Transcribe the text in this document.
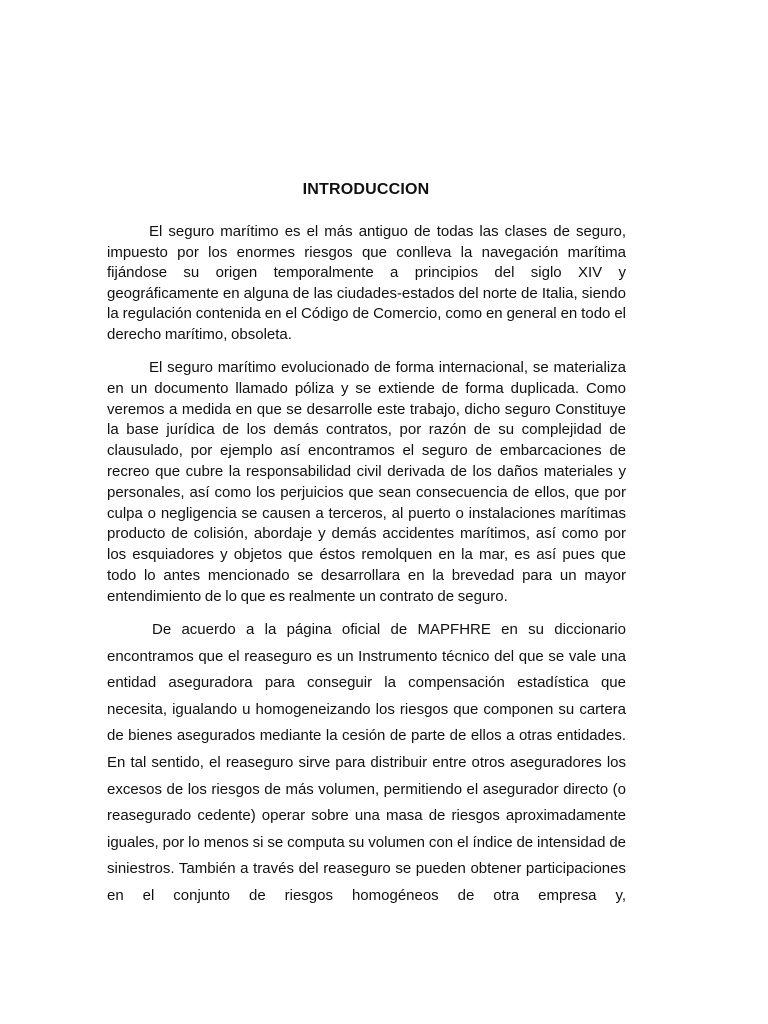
INTRODUCCION

El seguro marítimo es el más antiguo de todas las clases de seguro, impuesto por los enormes riesgos que conlleva la navegación marítima fijándose su origen temporalmente a principios del siglo XIV y geográficamente en alguna de las ciudades-estados del norte de Italia, siendo la regulación contenida en el Código de Comercio, como en general en todo el derecho marítimo, obsoleta.

El seguro marítimo evolucionado de forma internacional, se materializa en un documento llamado póliza y se extiende de forma duplicada. Como veremos a medida en que se desarrolle este trabajo, dicho seguro Constituye la base jurídica de los demás contratos, por razón de su complejidad de clausulado, por ejemplo así encontramos el seguro de embarcaciones de recreo que cubre la responsabilidad civil derivada de los daños materiales y personales, así como los perjuicios que sean consecuencia de ellos, que por culpa o negligencia se causen a terceros, al puerto o instalaciones marítimas producto de colisión, abordaje y demás accidentes marítimos, así como por los esquiadores y objetos que éstos remolquen en la mar, es así pues que todo lo antes mencionado se desarrollara en la brevedad para un mayor entendimiento de lo que es realmente un contrato de seguro.

De acuerdo a la página oficial de MAPFHRE en su diccionario encontramos que el reaseguro es un Instrumento técnico del que se vale una entidad aseguradora para conseguir la compensación estadística que necesita, igualando u homogeneizando los riesgos que componen su cartera de bienes asegurados mediante la cesión de parte de ellos a otras entidades. En tal sentido, el reaseguro sirve para distribuir entre otros aseguradores los excesos de los riesgos de más volumen, permitiendo el asegurador directo (o reasegurado cedente) operar sobre una masa de riesgos aproximadamente iguales, por lo menos si se computa su volumen con el índice de intensidad de siniestros. También a través del reaseguro se pueden obtener participaciones en el conjunto de riesgos homogéneos de otra empresa y,
